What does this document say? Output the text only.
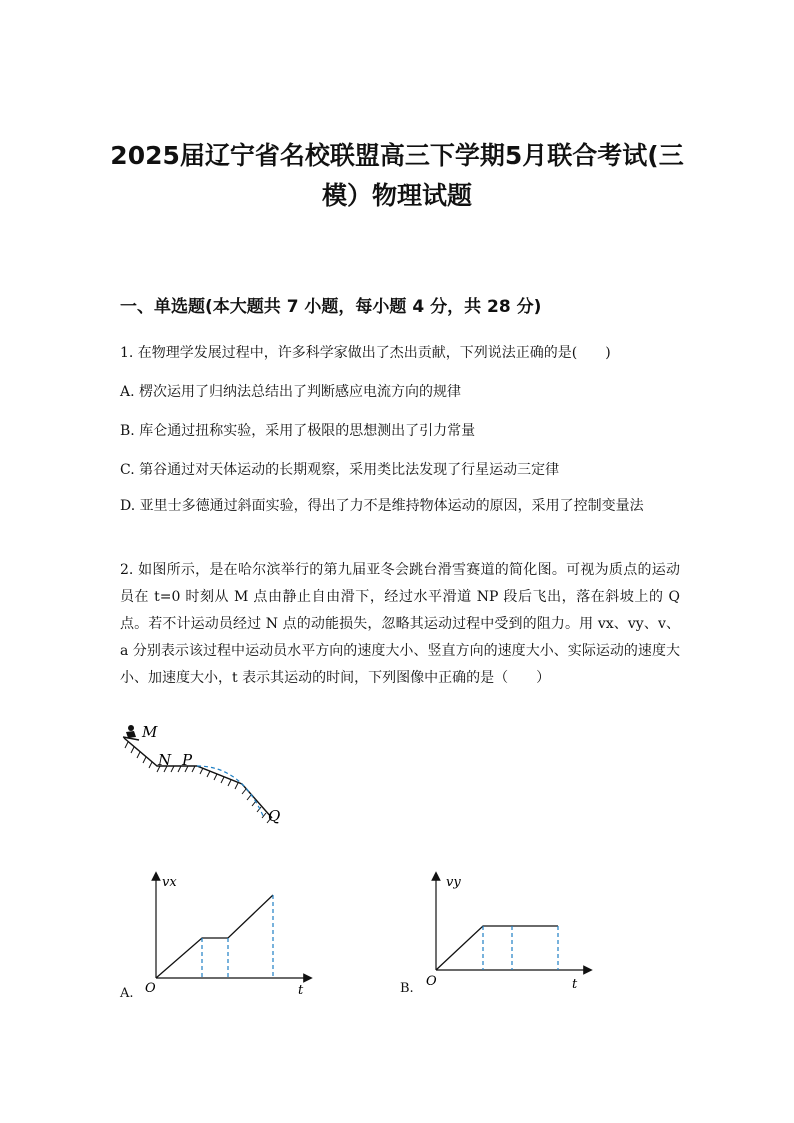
2025届辽宁省名校联盟高三下学期5月联合考试(三模）物理试题
一、单选题(本大题共 7 小题，每小题 4 分，共 28 分)
1. 在物理学发展过程中，许多科学家做出了杰出贡献，下列说法正确的是(　　)
A. 楞次运用了归纳法总结出了判断感应电流方向的规律
B. 库仑通过扭称实验，采用了极限的思想测出了引力常量
C. 第谷通过对天体运动的长期观察，采用类比法发现了行星运动三定律
D. 亚里士多德通过斜面实验，得出了力不是维持物体运动的原因，采用了控制变量法
2. 如图所示，是在哈尔滨举行的第九届亚冬会跳台滑雪赛道的简化图。可视为质点的运动员在 t=0 时刻从 M 点由静止自由滑下，经过水平滑道 NP 段后飞出，落在斜坡上的 Q 点。若不计运动员经过 N 点的动能损失，忽略其运动过程中受到的阻力。用 vx、vy、v、a 分别表示该过程中运动员水平方向的速度大小、竖直方向的速度大小、实际运动的速度大小、加速度大小，t 表示其运动的时间，下列图像中正确的是（　　）
M
N P
Q
A.
vx
O	t	B.
vy
O	t
